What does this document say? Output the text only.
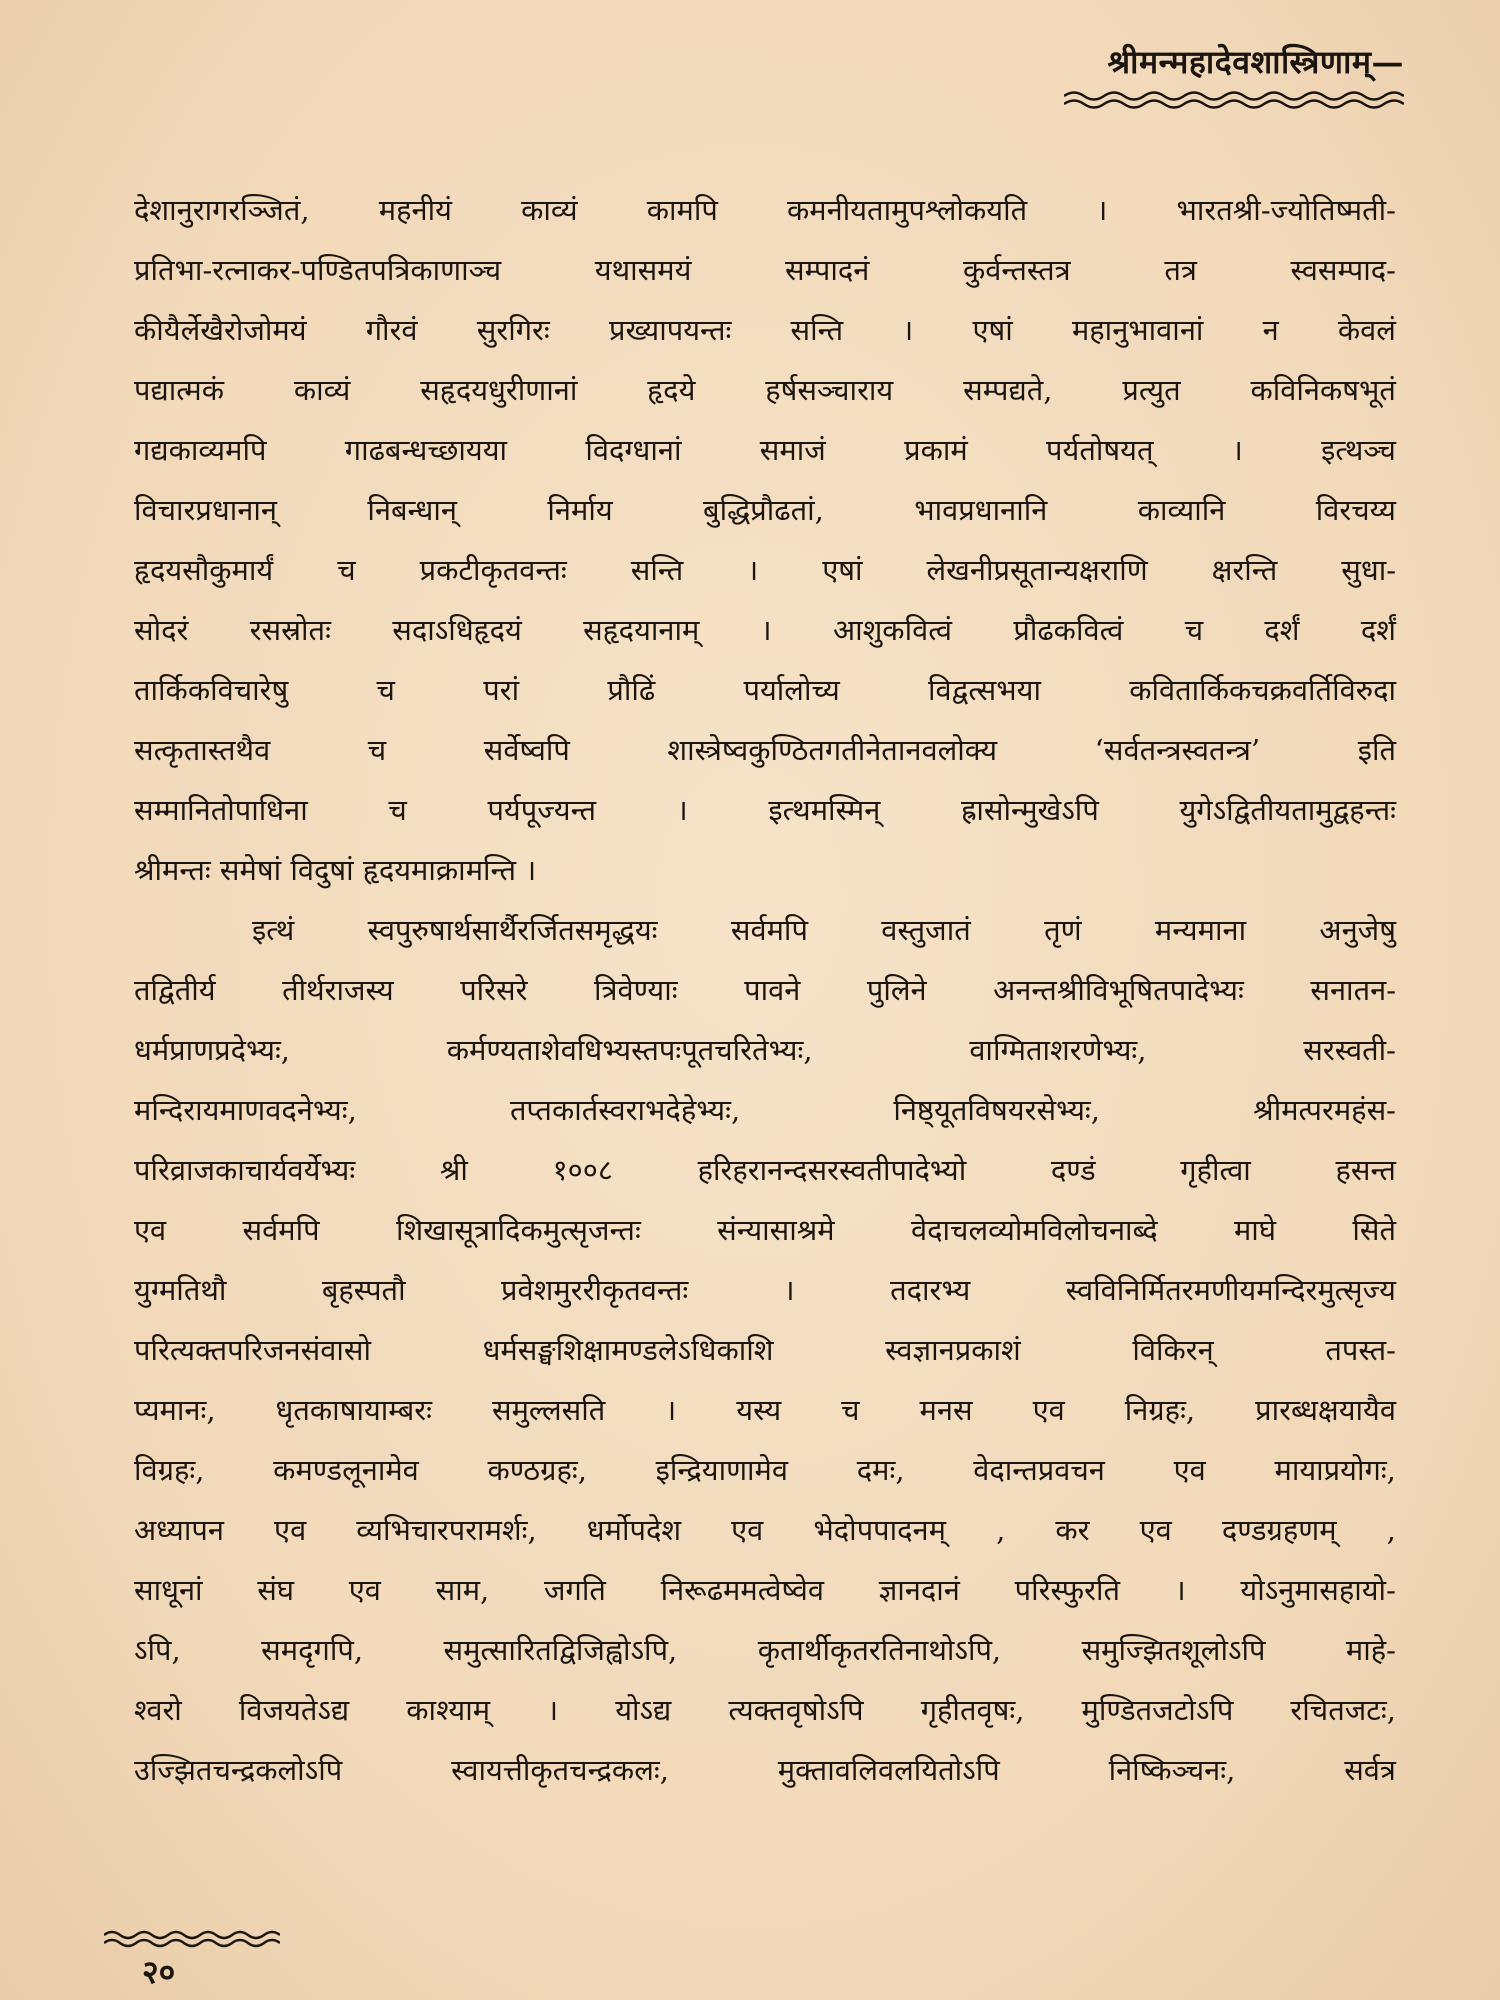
श्रीमन्महादेवशास्त्रिणाम्—
देशानुरागरञ्जितं, महनीयं काव्यं कामपि कमनीयतामुपश्लोकयति । भारतश्री-ज्योतिष्मती-
प्रतिभा-रत्नाकर-पण्डितपत्रिकाणाञ्च	यथासमयं	सम्पादनं	कुर्वन्तस्तत्र	तत्र	स्वसम्पाद-
कीयैर्लेखैरोजोमयं गौरवं सुरगिरः प्रख्यापयन्तः सन्ति । एषां महानुभावानां न केवलं
पद्यात्मकं काव्यं सहृदयधुरीणानां हृदये हर्षसञ्चाराय सम्पद्यते, प्रत्युत कविनिकषभूतं
गद्यकाव्यमपि	गाढबन्धच्छायया	विदग्धानां	समाजं	प्रकामं	पर्यतोषयत्	।	इत्थञ्च
विचारप्रधानान्	निबन्धान्	निर्माय	बुद्धिप्रौढतां,	भावप्रधानानि	काव्यानि	विरचय्य
हृदयसौकुमार्यं च प्रकटीकृतवन्तः सन्ति । एषां लेखनीप्रसूतान्यक्षराणि क्षरन्ति सुधा-
सोदरं रसस्रोतः सदाऽधिहृदयं सहृदयानाम् । आशुकवित्वं प्रौढकवित्वं च दर्शं दर्शं
तार्किकविचारेषु	च	परां	प्रौढिं	पर्यालोच्य	विद्वत्सभया	कवितार्किकचक्रवर्तिविरुदा
सत्कृतास्तथैव	च	सर्वेष्वपि	शास्त्रेष्वकुण्ठितगतीनेतानवलोक्य	‘सर्वतन्त्रस्वतन्त्र’	इति
सम्मानितोपाधिना	च	पर्यपूज्यन्त	।	इत्थमस्मिन्	ह्रासोन्मुखेऽपि	युगेऽद्वितीयतामुद्वहन्तः
श्रीमन्तः समेषां विदुषां हृदयमाक्रामन्ति ।
इत्थं	स्वपुरुषार्थसार्थैरर्जितसमृद्धयः	सर्वमपि	वस्तुजातं	तृणं	मन्यमाना	अनुजेषु
तद्वितीर्य तीर्थराजस्य परिसरे त्रिवेण्याः पावने पुलिने अनन्तश्रीविभूषितपादेभ्यः सनातन-
धर्मप्राणप्रदेभ्यः,	कर्मण्यताशेवधिभ्यस्तपःपूतचरितेभ्यः,	वाग्मिताशरणेभ्यः,	सरस्वती-
मन्दिरायमाणवदनेभ्यः,	तप्तकार्तस्वराभदेहेभ्यः,	निष्ठ्यूतविषयरसेभ्यः,	श्रीमत्परमहंस-
परिव्राजकाचार्यवर्येभ्यः	श्री	१००८	हरिहरानन्दसरस्वतीपादेभ्यो	दण्डं	गृहीत्वा	हसन्त
एव	सर्वमपि	शिखासूत्रादिकमुत्सृजन्तः	संन्यासाश्रमे	वेदाचलव्योमविलोचनाब्दे	माघे	सिते
युग्मतिथौ	बृहस्पतौ	प्रवेशमुररीकृतवन्तः	।	तदारभ्य	स्वविनिर्मितरमणीयमन्दिरमुत्सृज्य
परित्यक्तपरिजनसंवासो	धर्मसङ्घशिक्षामण्डलेऽधिकाशि	स्वज्ञानप्रकाशं	विकिरन्	तपस्त-
प्यमानः, धृतकाषायाम्बरः समुल्लसति । यस्य च मनस एव निग्रहः, प्रारब्धक्षयायैव
विग्रहः, कमण्डलूनामेव कण्ठग्रहः, इन्द्रियाणामेव दमः, वेदान्तप्रवचन एव मायाप्रयोगः,
अध्यापन एव व्यभिचारपरामर्शः, धर्मोपदेश एव भेदोपपादनम् , कर एव दण्डग्रहणम् ,
साधूनां संघ एव साम, जगति निरूढममत्वेष्वेव ज्ञानदानं परिस्फुरति । योऽनुमासहायो-
ऽपि,	समदृगपि,	समुत्सारितद्विजिह्वोऽपि,	कृतार्थीकृतरतिनाथोऽपि,	समुज्झितशूलोऽपि	माहे-
श्वरो विजयतेऽद्य काश्याम् । योऽद्य त्यक्तवृषोऽपि गृहीतवृषः, मुण्डितजटोऽपि रचितजटः,
उज्झितचन्द्रकलोऽपि	स्वायत्तीकृतचन्द्रकलः,	मुक्तावलिवलयितोऽपि	निष्किञ्चनः,	सर्वत्र
२०
